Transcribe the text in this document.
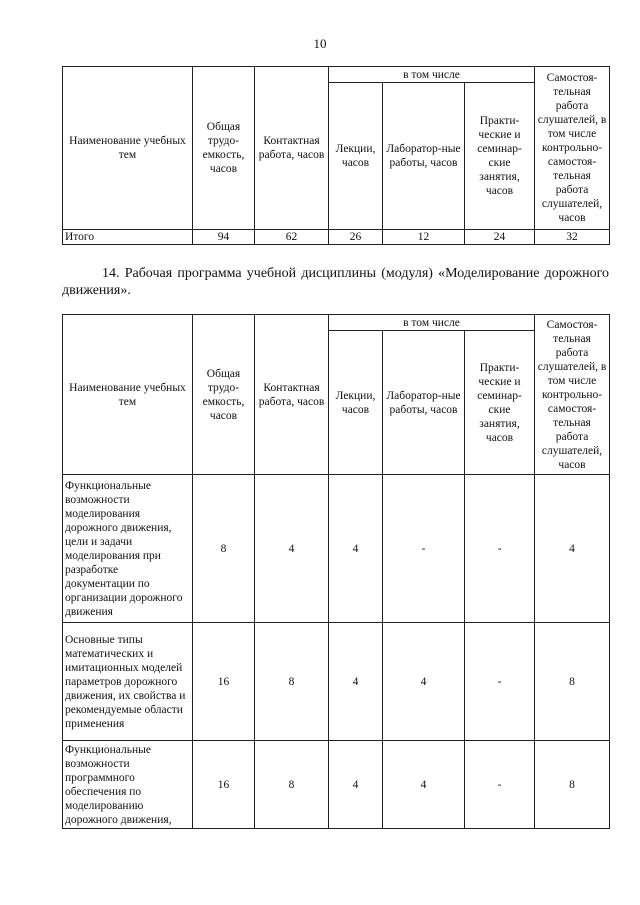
10
Наименование учебных тем	Общая трудо-емкость, часов	Контактная работа, часов	в том числе			Самостоя-тельная работа слушателей, в том числе контрольно-самостоя-тельная работа слушателей, часов
			Лекции, часов	Лаборатор-ные работы, часов	Практи-ческие и семинар-ские занятия, часов	
Итого	94	62	26	12	24	32
14. Рабочая программа учебной дисциплины (модуля) «Моделирование дорожного движения».
Наименование учебных тем	Общая трудо-емкость, часов	Контактная работа, часов	в том числе			Самостоя-тельная работа слушателей, в том числе контрольно-самостоя-тельная работа слушателей, часов
			Лекции, часов	Лаборатор-ные работы, часов	Практи-ческие и семинар-ские занятия, часов	
Функциональные возможности моделирования дорожного движения, цели и задачи моделирования при разработке документации по организации дорожного движения	8	4	4	-	-	4
Основные типы математических и имитационных моделей параметров дорожного движения, их свойства и рекомендуемые области применения	16	8	4	4	-	8
Функциональные возможности программного обеспечения по моделированию дорожного движения,	16	8	4	4	-	8
